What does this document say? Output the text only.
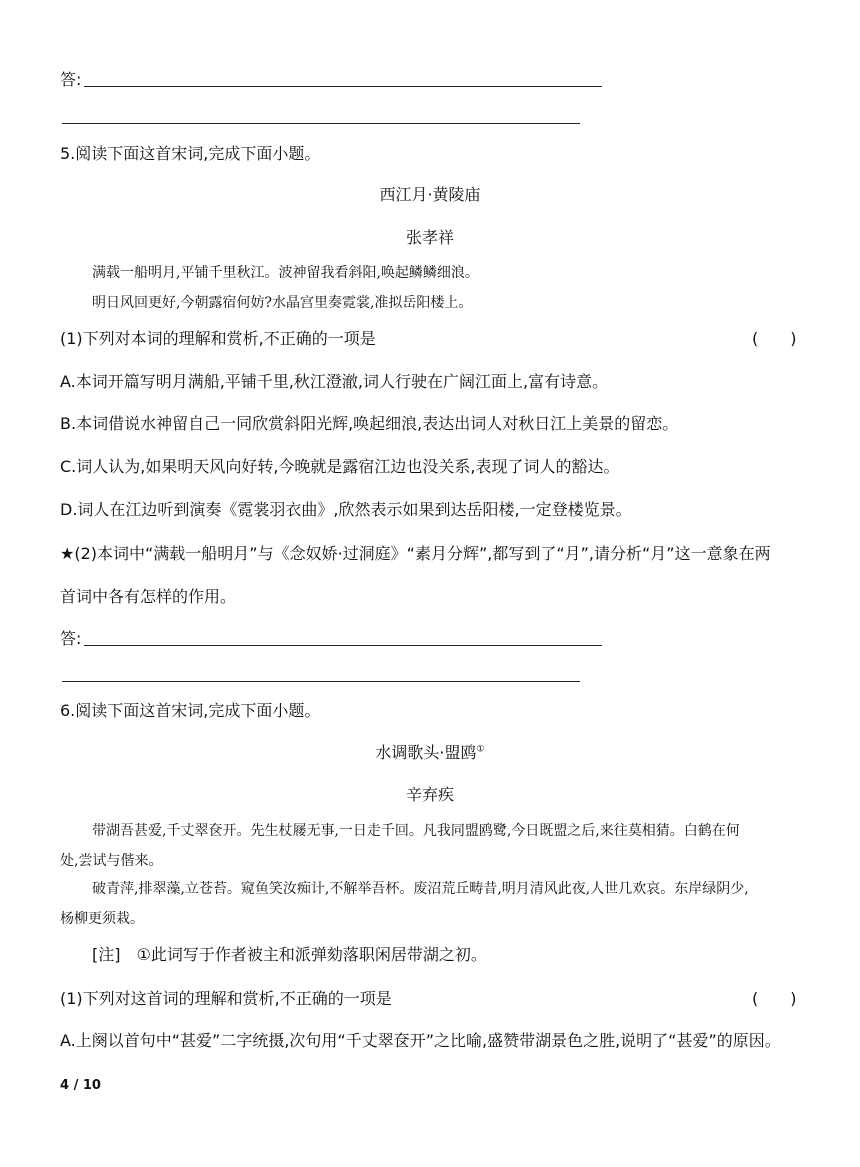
答:
5.阅读下面这首宋词,完成下面小题。
西江月·黄陵庙
张孝祥
满载一船明月,平铺千里秋江。波神留我看斜阳,唤起鳞鳞细浪。
明日风回更好,今朝露宿何妨?水晶宫里奏霓裳,准拟岳阳楼上。
(1)下列对本词的理解和赏析,不正确的一项是	(　　)
A.本词开篇写明月满船,平铺千里,秋江澄澈,词人行驶在广阔江面上,富有诗意。
B.本词借说水神留自己一同欣赏斜阳光辉,唤起细浪,表达出词人对秋日江上美景的留恋。
C.词人认为,如果明天风向好转,今晚就是露宿江边也没关系,表现了词人的豁达。
D.词人在江边听到演奏《霓裳羽衣曲》,欣然表示如果到达岳阳楼,一定登楼览景。
★(2)本词中“满载一船明月”与《念奴娇·过洞庭》“素月分辉”,都写到了“月”,请分析“月”这一意象在两
首词中各有怎样的作用。
答:
6.阅读下面这首宋词,完成下面小题。
水调歌头·盟鸥①
辛弃疾
带湖吾甚爱,千丈翠奁开。先生杖屦无事,一日走千回。凡我同盟鸥鹭,今日既盟之后,来往莫相猜。白鹤在何
处,尝试与偕来。
破青萍,排翠藻,立苍苔。窥鱼笑汝痴计,不解举吾杯。废沼荒丘畴昔,明月清风此夜,人世几欢哀。东岸绿阴少,
杨柳更须栽。
[注]　①此词写于作者被主和派弹劾落职闲居带湖之初。
(1)下列对这首词的理解和赏析,不正确的一项是	(　　)
A.上阕以首句中“甚爱”二字统摄,次句用“千丈翠奁开”之比喻,盛赞带湖景色之胜,说明了“甚爱”的原因。
4 / 10
